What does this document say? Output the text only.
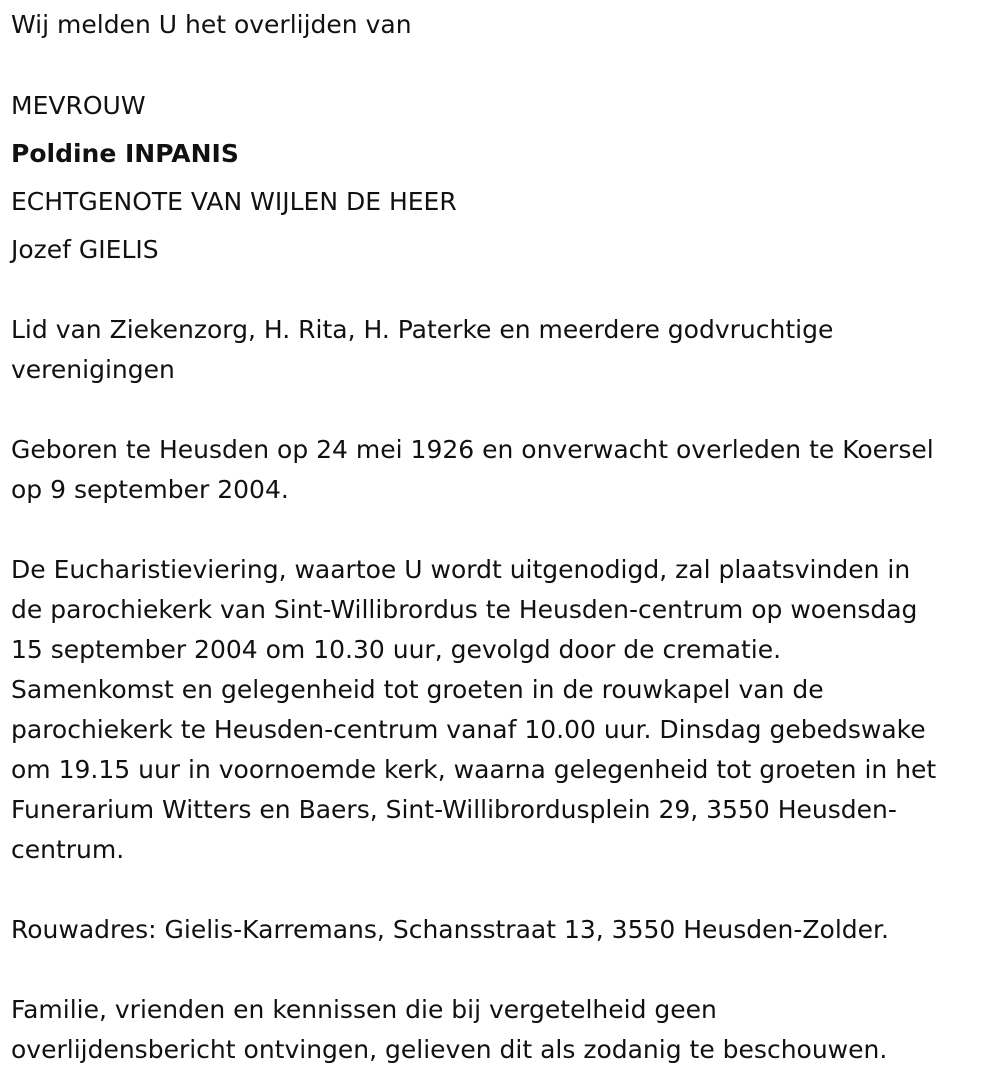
Wij melden U het overlijden van
MEVROUW
Poldine INPANIS
ECHTGENOTE VAN WIJLEN DE HEER
Jozef GIELIS
Lid van Ziekenzorg, H. Rita, H. Paterke en meerdere godvruchtige
verenigingen
Geboren te Heusden op 24 mei 1926 en onverwacht overleden te Koersel
op 9 september 2004.
De Eucharistieviering, waartoe U wordt uitgenodigd, zal plaatsvinden in
de parochiekerk van Sint-Willibrordus te Heusden-centrum op woensdag
15 september 2004 om 10.30 uur, gevolgd door de crematie.
Samenkomst en gelegenheid tot groeten in de rouwkapel van de
parochiekerk te Heusden-centrum vanaf 10.00 uur. Dinsdag gebedswake
om 19.15 uur in voornoemde kerk, waarna gelegenheid tot groeten in het
Funerarium Witters en Baers, Sint-Willibrordusplein 29, 3550 Heusden-
centrum.
Rouwadres: Gielis-Karremans, Schansstraat 13, 3550 Heusden-Zolder.
Familie, vrienden en kennissen die bij vergetelheid geen
overlijdensbericht ontvingen, gelieven dit als zodanig te beschouwen.
